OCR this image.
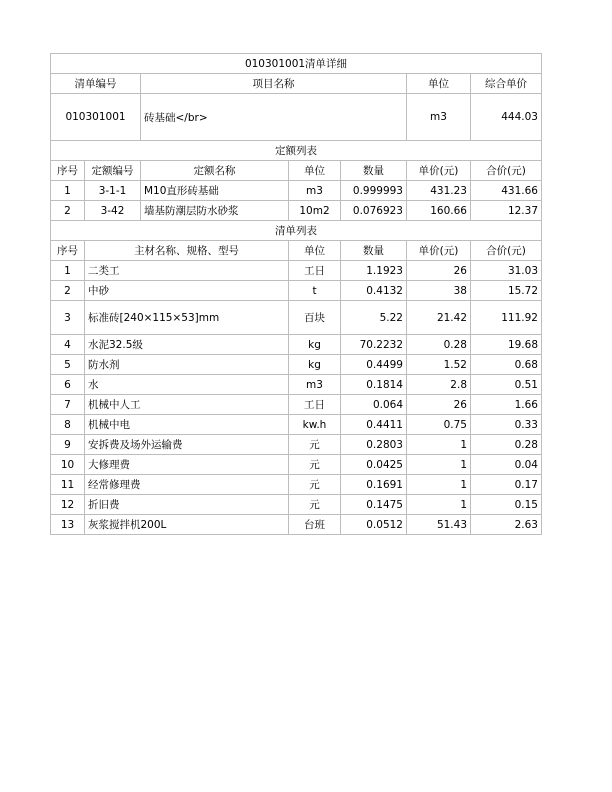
010301001清单详细						
清单编号		项目名称			单位	综合单价
010301001		砖基础</br>			m3	444.03
定额列表						
序号	定额编号	定额名称	单位	数量	单价(元)	合价(元)
1	3-1-1	M10直形砖基础	m3	0.999993	431.23	431.66
2	3-42	墙基防潮层防水砂浆	10m2	0.076923	160.66	12.37
清单列表						
序号	主材名称、规格、型号		单位	数量	单价(元)	合价(元)
1	二类工		工日	1.1923	26	31.03
2	中砂		t	0.4132	38	15.72
3	标准砖[240×115×53]mm		百块	5.22	21.42	111.92
4	水泥32.5级		kg	70.2232	0.28	19.68
5	防水剂		kg	0.4499	1.52	0.68
6	水		m3	0.1814	2.8	0.51
7	机械中人工		工日	0.064	26	1.66
8	机械中电		kw.h	0.4411	0.75	0.33
9	安拆费及场外运输费		元	0.2803	1	0.28
10	大修理费		元	0.0425	1	0.04
11	经常修理费		元	0.1691	1	0.17
12	折旧费		元	0.1475	1	0.15
13	灰浆搅拌机200L		台班	0.0512	51.43	2.63
